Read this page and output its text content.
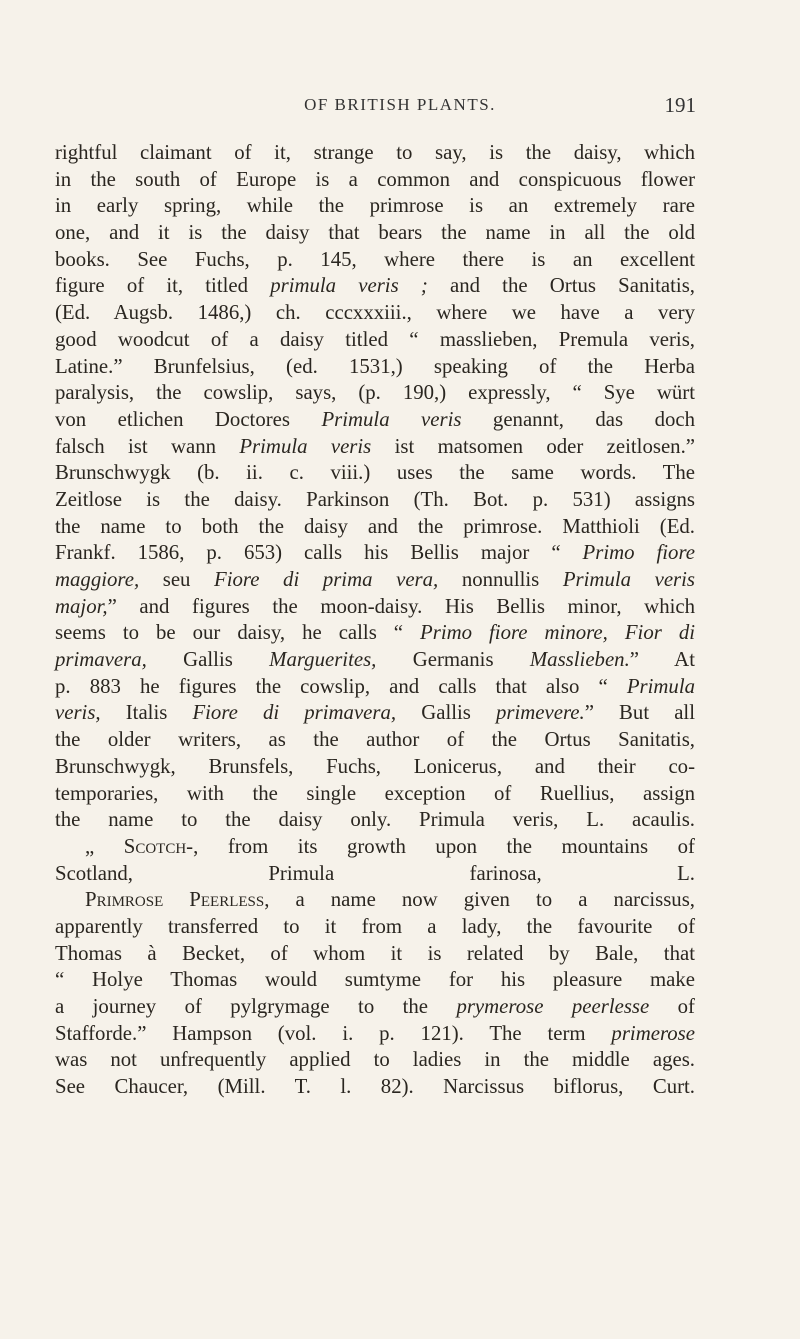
OF BRITISH PLANTS.	191
rightful claimant of it, strange to say, is the daisy, which
in the south of Europe is a common and conspicuous flower
in early spring, while the primrose is an extremely rare
one, and it is the daisy that bears the name in all the old
books. See Fuchs, p. 145, where there is an excellent
figure of it, titled primula veris ; and the Ortus Sanitatis,
(Ed. Augsb. 1486,) ch. cccxxxiii., where we have a very
good woodcut of a daisy titled “ masslieben, Premula veris,
Latine.” Brunfelsius, (ed. 1531,) speaking of the Herba
paralysis, the cowslip, says, (p. 190,) expressly, “ Sye würt
von etlichen Doctores Primula veris genannt, das doch
falsch ist wann Primula veris ist matsomen oder zeitlosen.”
Brunschwygk (b. ii. c. viii.) uses the same words. The
Zeitlose is the daisy. Parkinson (Th. Bot. p. 531) assigns
the name to both the daisy and the primrose. Matthioli (Ed.
Frankf. 1586, p. 653) calls his Bellis major “ Primo fiore
maggiore, seu Fiore di prima vera, nonnullis Primula veris
major,” and figures the moon-daisy. His Bellis minor, which
seems to be our daisy, he calls “ Primo fiore minore, Fior di
primavera, Gallis Marguerites, Germanis Masslieben.” At
p. 883 he figures the cowslip, and calls that also “ Primula
veris, Italis Fiore di primavera, Gallis primevere.” But all
the older writers, as the author of the Ortus Sanitatis,
Brunschwygk, Brunsfels, Fuchs, Lonicerus, and their co-
temporaries, with the single exception of Ruellius, assign
the name to the daisy only. Primula veris, L. acaulis.
„ Scotch-, from its growth upon the mountains of
Scotland, Primula farinosa, L.
Primrose Peerless, a name now given to a narcissus,
apparently transferred to it from a lady, the favourite of
Thomas à Becket, of whom it is related by Bale, that
“ Holye Thomas would sumtyme for his pleasure make
a journey of pylgrymage to the prymerose peerlesse of
Stafforde.” Hampson (vol. i. p. 121). The term primerose
was not unfrequently applied to ladies in the middle ages.
See Chaucer, (Mill. T. l. 82). Narcissus biflorus, Curt.
